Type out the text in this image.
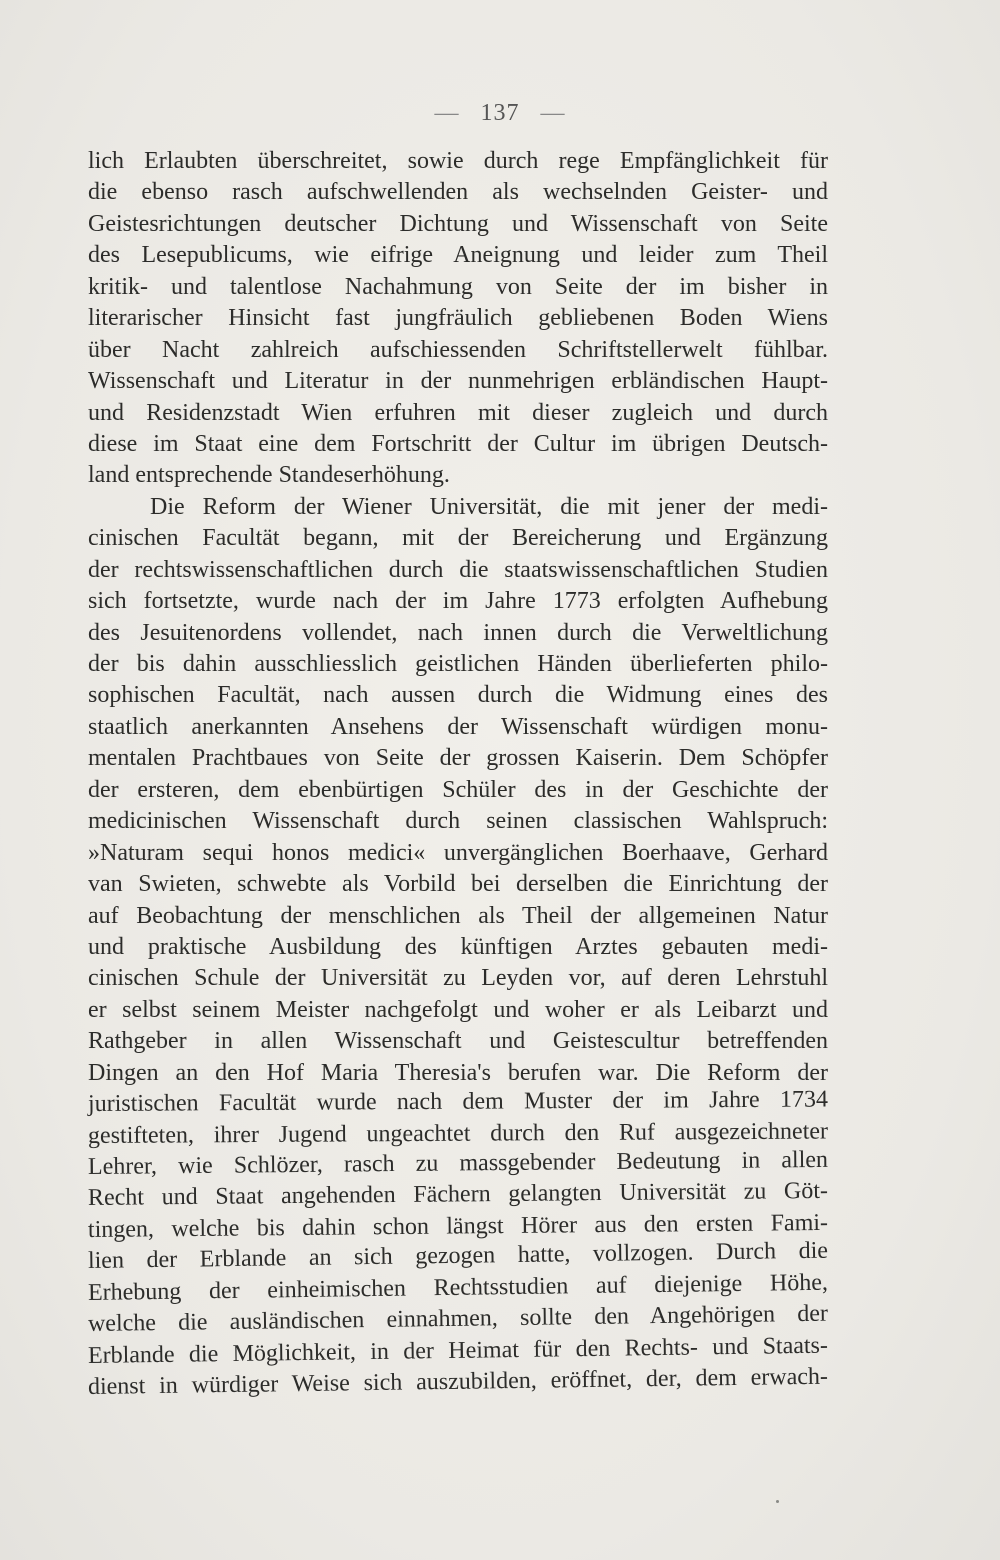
— 137 —
lich Erlaubten überschreitet, sowie durch rege Empfänglichkeit für
die ebenso rasch aufschwellenden als wechselnden Geister- und
Geistesrichtungen deutscher Dichtung und Wissenschaft von Seite
des Lesepublicums, wie eifrige Aneignung und leider zum Theil
kritik- und talentlose Nachahmung von Seite der im bisher in
literarischer Hinsicht fast jungfräulich gebliebenen Boden Wiens
über Nacht zahlreich aufschiessenden Schriftstellerwelt fühlbar.
Wissenschaft und Literatur in der nunmehrigen erbländischen Haupt-
und Residenzstadt Wien erfuhren mit dieser zugleich und durch
diese im Staat eine dem Fortschritt der Cultur im übrigen Deutsch-
land entsprechende Standeserhöhung.
Die Reform der Wiener Universität, die mit jener der medi-
cinischen Facultät begann, mit der Bereicherung und Ergänzung
der rechtswissenschaftlichen durch die staatswissenschaftlichen Studien
sich fortsetzte, wurde nach der im Jahre 1773 erfolgten Aufhebung
des Jesuitenordens vollendet, nach innen durch die Verweltlichung
der bis dahin ausschliesslich geistlichen Händen überlieferten philo-
sophischen Facultät, nach aussen durch die Widmung eines des
staatlich anerkannten Ansehens der Wissenschaft würdigen monu-
mentalen Prachtbaues von Seite der grossen Kaiserin. Dem Schöpfer
der ersteren, dem ebenbürtigen Schüler des in der Geschichte der
medicinischen Wissenschaft durch seinen classischen Wahlspruch:
»Naturam sequi honos medici« unvergänglichen Boerhaave, Gerhard
van Swieten, schwebte als Vorbild bei derselben die Einrichtung der
auf Beobachtung der menschlichen als Theil der allgemeinen Natur
und praktische Ausbildung des künftigen Arztes gebauten medi-
cinischen Schule der Universität zu Leyden vor, auf deren Lehrstuhl
er selbst seinem Meister nachgefolgt und woher er als Leibarzt und
Rathgeber in allen Wissenschaft und Geistescultur betreffenden
Dingen an den Hof Maria Theresia's berufen war. Die Reform der
juristischen Facultät wurde nach dem Muster der im Jahre 1734
gestifteten, ihrer Jugend ungeachtet durch den Ruf ausgezeichneter
Lehrer, wie Schlözer, rasch zu massgebender Bedeutung in allen
Recht und Staat angehenden Fächern gelangten Universität zu Göt-
tingen, welche bis dahin schon längst Hörer aus den ersten Fami-
lien der Erblande an sich gezogen hatte, vollzogen. Durch die
Erhebung der einheimischen Rechtsstudien auf diejenige Höhe,
welche die ausländischen einnahmen, sollte den Angehörigen der
Erblande die Möglichkeit, in der Heimat für den Rechts- und Staats-
dienst in würdiger Weise sich auszubilden, eröffnet, der, dem erwach-
